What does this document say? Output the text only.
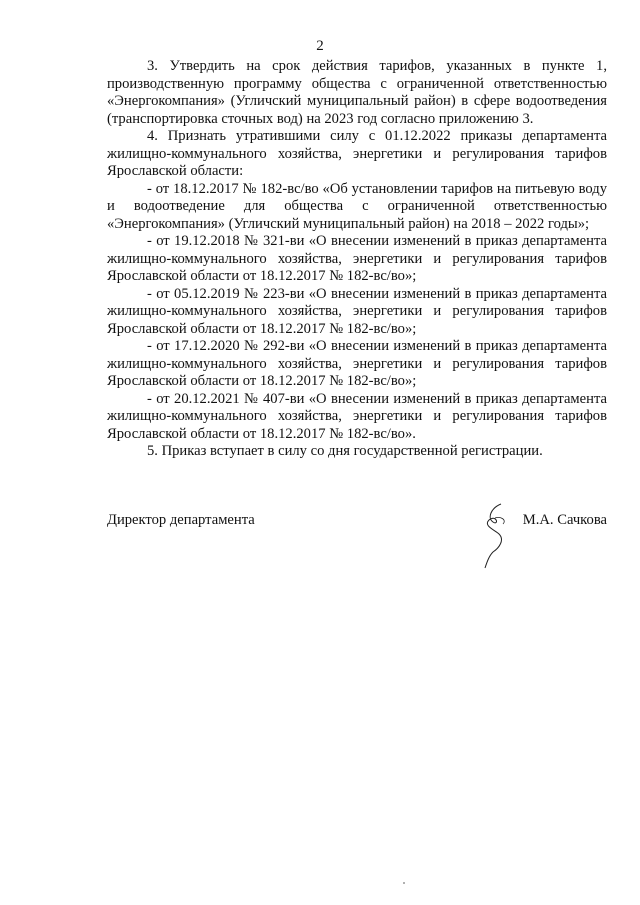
2

3. Утвердить на срок действия тарифов, указанных в пункте 1, производственную программу общества с ограниченной ответственностью «Энергокомпания» (Угличский муниципальный район) в сфере водоотведения (транспортировка сточных вод) на 2023 год согласно приложению 3.

4. Признать утратившими силу с 01.12.2022 приказы департамента жилищно-коммунального хозяйства, энергетики и регулирования тарифов Ярославской области:

- от 18.12.2017 № 182-вс/во «Об установлении тарифов на питьевую воду и водоотведение для общества с ограниченной ответственностью «Энергокомпания» (Угличский муниципальный район) на 2018 – 2022 годы»;

- от 19.12.2018 № 321-ви «О внесении изменений в приказ департамента жилищно-коммунального хозяйства, энергетики и регулирования тарифов Ярославской области от 18.12.2017 № 182-вс/во»;

- от 05.12.2019 № 223-ви «О внесении изменений в приказ департамента жилищно-коммунального хозяйства, энергетики и регулирования тарифов Ярославской области от 18.12.2017 № 182-вс/во»;

- от 17.12.2020 № 292-ви «О внесении изменений в приказ департамента жилищно-коммунального хозяйства, энергетики и регулирования тарифов Ярославской области от 18.12.2017 № 182-вс/во»;

- от 20.12.2021 № 407-ви «О внесении изменений в приказ департамента жилищно-коммунального хозяйства, энергетики и регулирования тарифов Ярославской области от 18.12.2017 № 182-вс/во».

5. Приказ вступает в силу со дня государственной регистрации.

Директор департамента	М.А. Сачкова
